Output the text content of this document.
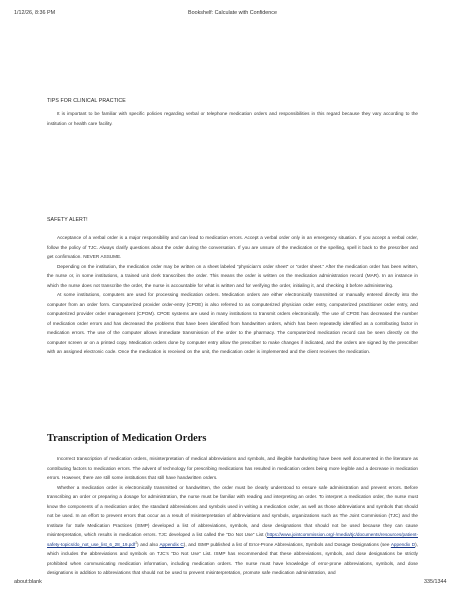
1/12/26, 8:36 PM	Bookshelf: Calculate with Confidence
TIPS FOR CLINICAL PRACTICE

It is important to be familiar with specific policies regarding verbal or telephone medication orders and responsibilities in this regard because they vary according to the institution or health care facility.

SAFETY ALERT!

Acceptance of a verbal order is a major responsibility and can lead to medication errors. Accept a verbal order only in an emergency situation. If you accept a verbal order, follow the policy of TJC. Always clarify questions about the order during the conversation. If you are unsure of the medication or the spelling, spell it back to the prescriber and get confirmation. NEVER ASSUME.

Depending on the institution, the medication order may be written on a sheet labeled “physician’s order sheet” or “order sheet.” After the medication order has been written, the nurse or, in some institutions, a trained unit clerk transcribes the order. This means the order is written on the medication administration record (MAR). In an instance in which the nurse does not transcribe the order, the nurse is accountable for what is written and for verifying the order, initialing it, and checking it before administering.

At some institutions, computers are used for processing medication orders. Medication orders are either electronically transmitted or manually entered directly into the computer from an order form. Computerized provider order-entry (CPOE) is also referred to as computerized physician order entry, computerized practitioner order entry, and computerized provider order management (CPOM). CPOE systems are used in many institutions to transmit orders electronically. The use of CPOE has decreased the number of medication order errors and has decreased the problems that have been identified from handwritten orders, which has been repeatedly identified as a contributing factor in medication errors. The use of the computer allows immediate transmission of the order to the pharmacy. The computerized medication record can be seen directly on the computer screen or on a printed copy. Medication orders done by computer entry allow the prescriber to make changes if indicated, and the orders are signed by the prescriber with an assigned electronic code. Once the medication is received on the unit, the medication order is implemented and the client receives the medication.

Transcription of Medication Orders

Incorrect transcription of medication orders, misinterpretation of medical abbreviations and symbols, and illegible handwriting have been well documented in the literature as contributing factors to medication errors. The advent of technology for prescribing medications has resulted in medication orders being more legible and a decrease in medication errors. However, there are still some institutions that still have handwritten orders.

Whether a medication order is electronically transmitted or handwritten, the order must be clearly understood to ensure safe administration and prevent errors. Before transcribing an order or preparing a dosage for administration, the nurse must be familiar with reading and interpreting an order. To interpret a medication order, the nurse must know the components of a medication order, the standard abbreviations and symbols used in writing a medication order, as well as those abbreviations and symbols that should not be used. In an effort to prevent errors that occur as a result of misinterpretation of abbreviations and symbols, organizations such as The Joint Commission (TJC) and the Institute for Safe Medication Practices (ISMP) developed a list of abbreviations, symbols, and dose designations that should not be used because they can cause misinterpretation, which results in medication errors. TJC developed a list called the “Do Not Use” List (https://www.jointcommission.org/-/media/tjc/documents/resources/patient-safety-topics/do_not_use_list_6_28_19.pdf$^1$) and also Appendix C), and ISMP published a list of Error-Prone Abbreviations, Symbols and Dosage Designations (see Appendix D), which includes the abbreviations and symbols on TJC’s “Do Not Use” List. ISMP has recommended that these abbreviations, symbols, and dose designations be strictly prohibited when communicating medication information, including medication orders. The nurse must have knowledge of error-prone abbreviations, symbols, and dose designations in addition to abbreviations that should not be used to prevent misinterpretation, promote safe medication administration, and

about:blank	335/1344
